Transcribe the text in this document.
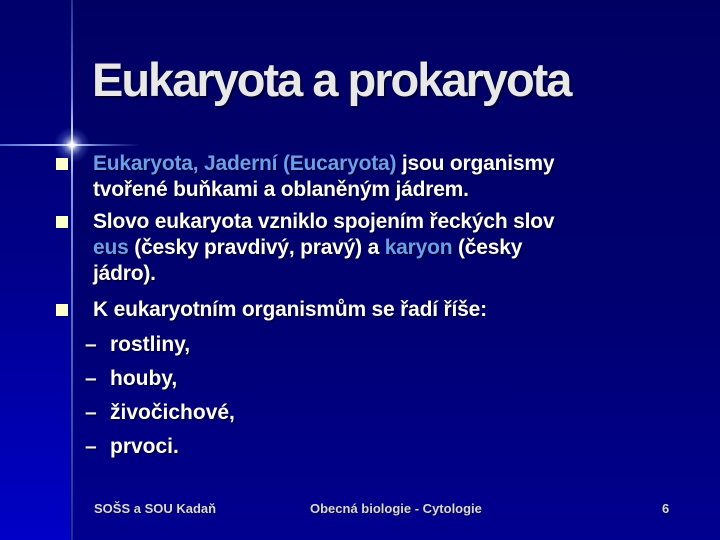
Eukaryota a prokaryota
Eukaryota, Jaderní (Eucaryota) jsou organismy
tvořené buňkami a oblaněným jádrem.
Slovo eukaryota vzniklo spojením řeckých slov
eus (česky pravdivý, pravý) a karyon (česky
jádro).
K eukaryotním organismům se řadí říše:
– rostliny,
– houby,
– živočichové,
– prvoci.
SOŠS a SOU Kadaň	Obecná biologie - Cytologie	6
